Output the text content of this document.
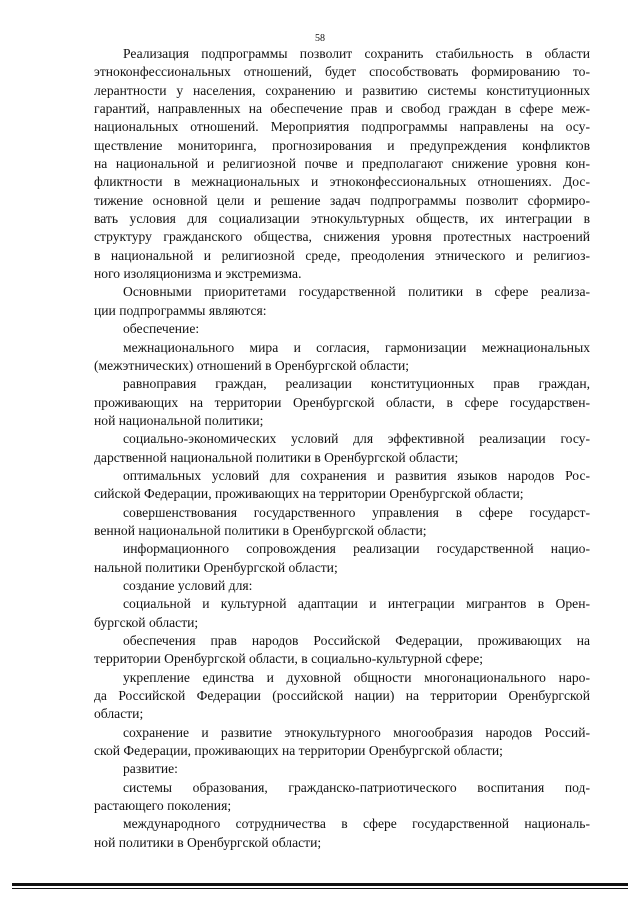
58
Реализация подпрограммы позволит сохранить стабильность в области
этноконфессиональных отношений, будет способствовать формированию то-
лерантности у населения, сохранению и развитию системы конституционных
гарантий, направленных на обеспечение прав и свобод граждан в сфере меж-
национальных отношений. Мероприятия подпрограммы направлены на осу-
ществление мониторинга, прогнозирования и предупреждения конфликтов
на национальной и религиозной почве и предполагают снижение уровня кон-
фликтности в межнациональных и этноконфессиональных отношениях. Дос-
тижение основной цели и решение задач подпрограммы позволит сформиро-
вать условия для социализации этнокультурных обществ, их интеграции в
структуру гражданского общества, снижения уровня протестных настроений
в национальной и религиозной среде, преодоления этнического и религиоз-
ного изоляционизма и экстремизма.
Основными приоритетами государственной политики в сфере реализа-
ции подпрограммы являются:
обеспечение:
межнационального мира и согласия, гармонизации межнациональных
(межэтнических) отношений в Оренбургской области;
равноправия граждан, реализации конституционных прав граждан,
проживающих на территории Оренбургской области, в сфере государствен-
ной национальной политики;
социально-экономических условий для эффективной реализации госу-
дарственной национальной политики в Оренбургской области;
оптимальных условий для сохранения и развития языков народов Рос-
сийской Федерации, проживающих на территории Оренбургской области;
совершенствования государственного управления в сфере государст-
венной национальной политики в Оренбургской области;
информационного сопровождения реализации государственной нацио-
нальной политики Оренбургской области;
создание условий для:
социальной и культурной адаптации и интеграции мигрантов в Орен-
бургской области;
обеспечения прав народов Российской Федерации, проживающих на
территории Оренбургской области, в социально-культурной сфере;
укрепление единства и духовной общности многонационального наро-
да Российской Федерации (российской нации) на территории Оренбургской
области;
сохранение и развитие этнокультурного многообразия народов Россий-
ской Федерации, проживающих на территории Оренбургской области;
развитие:
системы образования, гражданско-патриотического воспитания под-
растающего поколения;
международного сотрудничества в сфере государственной националь-
ной политики в Оренбургской области;
